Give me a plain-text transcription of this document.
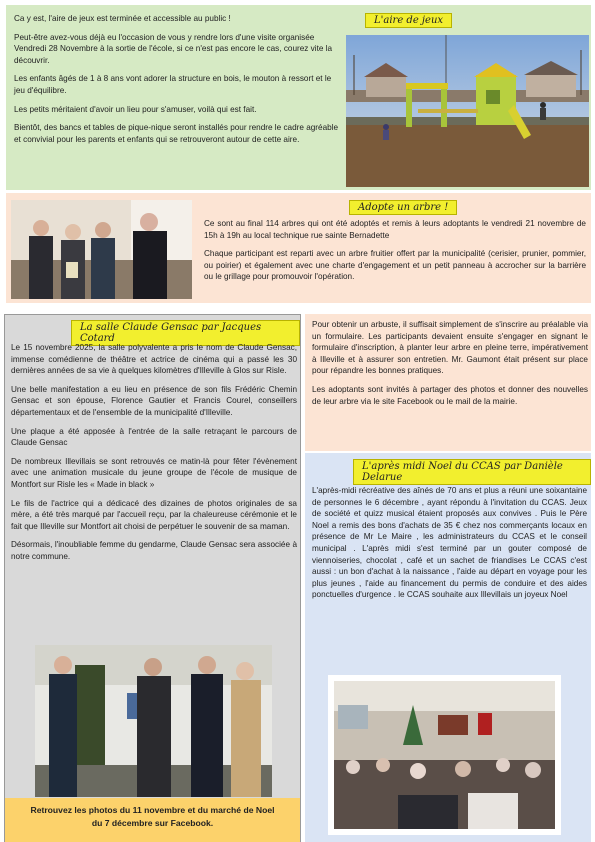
Ca y est, l'aire de jeux est terminée et accessible au public !

Peut-être avez-vous déjà eu l'occasion de vous y rendre lors d'une visite organisée Vendredi 28 Novembre à la sortie de l'école, si ce n'est pas encore le cas, courez vite la découvrir.

Les enfants âgés de 1 à 8 ans vont adorer la structure en bois, le mouton à ressort et le jeu d'équilibre.

Les petits méritaient d'avoir un lieu pour s'amuser, voilà qui est fait.

Bientôt, des bancs et tables de pique-nique seront installés pour rendre le cadre agréable et convivial pour les parents et enfants qui se retrouveront autour de cette aire.

L'aire de jeux
Adopte un arbre !

Ce sont au final 114 arbres qui ont été adoptés et remis à leurs adoptants le vendredi 21 novembre de 15h à 19h au local technique rue sainte Bernadette

Chaque participant est reparti avec un arbre fruitier offert par la municipalité (cerisier, prunier, pommier, ou poirier) et également avec une charte d'engagement et un petit panneau à accrocher sur la barrière ou le grillage pour promouvoir l'opération.

La salle Claude Gensac par Jacques Cotard

Le 15 novembre 2025, la salle polyvalente a pris le nom de Claude Gensac, immense comédienne de théâtre et actrice de cinéma qui a passé les 30 dernières années de sa vie à quelques kilomètres d'Illeville à Glos sur Risle.

Une belle manifestation a eu lieu en présence de son fils Frédéric Chemin Gensac et son épouse, Florence Gautier et Francis Courel, conseillers départementaux et de l'ensemble de la municipalité d'Illeville.

Une plaque a été apposée à l'entrée de la salle retraçant le parcours de Claude Gensac

De nombreux Illevillais se sont retrouvés ce matin-là pour fêter l'évènement avec une animation musicale du jeune groupe de l'école de musique de Montfort sur Risle les « Made in black »

Le fils de l'actrice qui a dédicacé des dizaines de photos originales de sa mère, a été très marqué par l'accueil reçu, par la chaleureuse cérémonie et le fait que Illeville sur Montfort ait choisi de perpétuer le souvenir de sa maman.

Désormais, l'inoubliable femme du gendarme, Claude Gensac sera associée à notre commune.

Retrouvez les photos du 11 novembre et du marché de Noel
du 7 décembre sur Facebook.

Pour obtenir un arbuste, il suffisait simplement de s'inscrire au préalable via un formulaire. Les participants devaient ensuite s'engager en signant le formulaire d'inscription, à planter leur arbre en pleine terre, impérativement à Illeville et à assurer son entretien. Mr. Gaumont était présent sur place pour répandre les bonnes pratiques.

Les adoptants sont invités à partager des photos et donner des nouvelles de leur arbre via le site Facebook ou le mail de la mairie.

L'après midi Noel du CCAS par Danièle Delarue

L'après-midi récréative des aînés de 70 ans et plus a réuni une soixantaine de personnes le 6 décembre , ayant répondu à l'invitation du CCAS. Jeux de société et quizz musical étaient proposés aux convives . Puis le Père Noel a remis des bons d'achats de 35 € chez nos commerçants locaux en présence de Mr Le Maire , les administrateurs du CCAS et le conseil municipal . L'après midi s'est terminé par un gouter composé de viennoiseries, chocolat , café et un sachet de friandises Le CCAS c'est aussi : un bon d'achat à la naissance , l'aide au départ en voyage pour les plus jeunes , l'aide au financement du permis de conduire et des aides ponctuelles d'urgence . le CCAS souhaite aux Illevillais un joyeux Noel
